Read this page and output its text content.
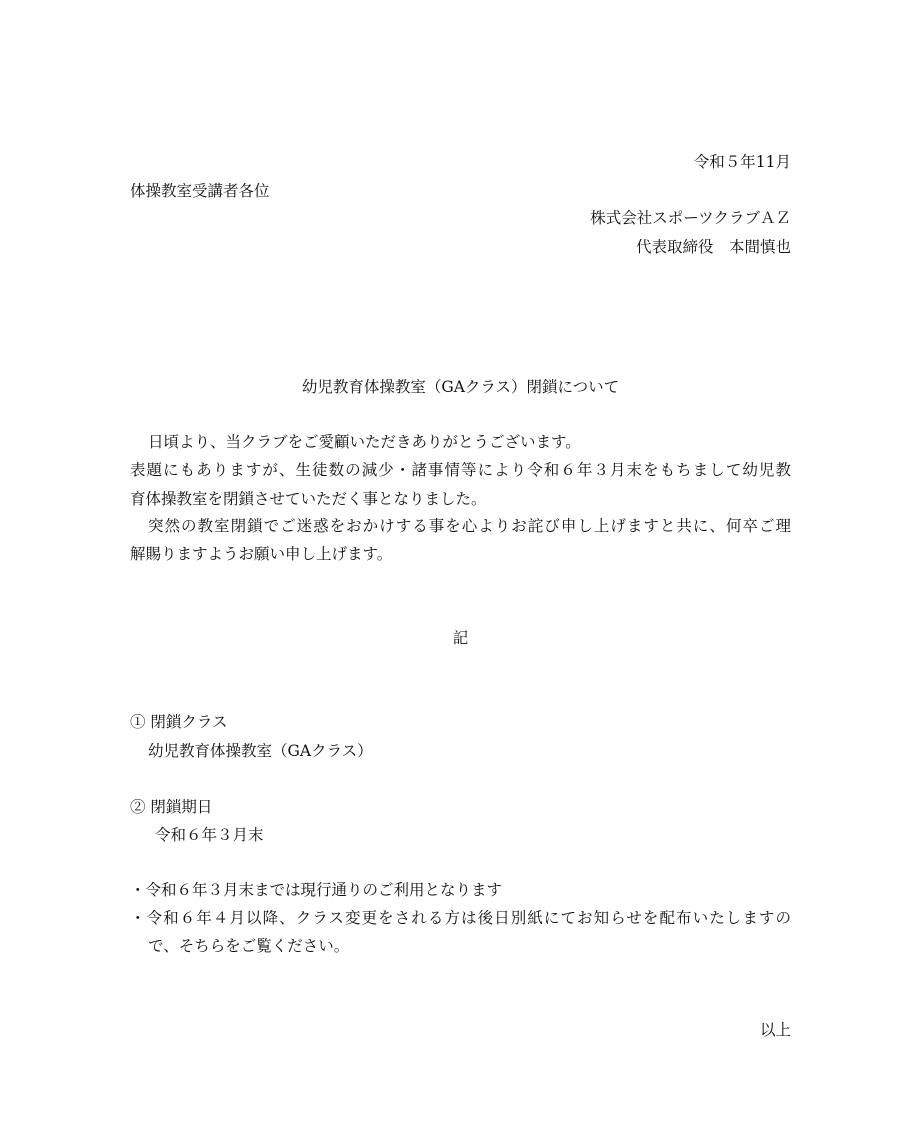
令和５年11月
体操教室受講者各位
株式会社スポーツクラブＡＺ
代表取締役　本間慎也
幼児教育体操教室（GAクラス）閉鎖について
日頃より、当クラブをご愛顧いただきありがとうございます。
表題にもありますが、生徒数の減少・諸事情等により令和６年３月末をもちまして幼児教
育体操教室を閉鎖させていただく事となりました。
突然の教室閉鎖でご迷惑をおかけする事を心よりお詫び申し上げますと共に、何卒ご理
解賜りますようお願い申し上げます。
記
① 閉鎖クラス
幼児教育体操教室（GAクラス）
② 閉鎖期日
令和６年３月末
・令和６年３月末までは現行通りのご利用となります
・令和６年４月以降、クラス変更をされる方は後日別紙にてお知らせを配布いたしますの
で、そちらをご覧ください。
以上
